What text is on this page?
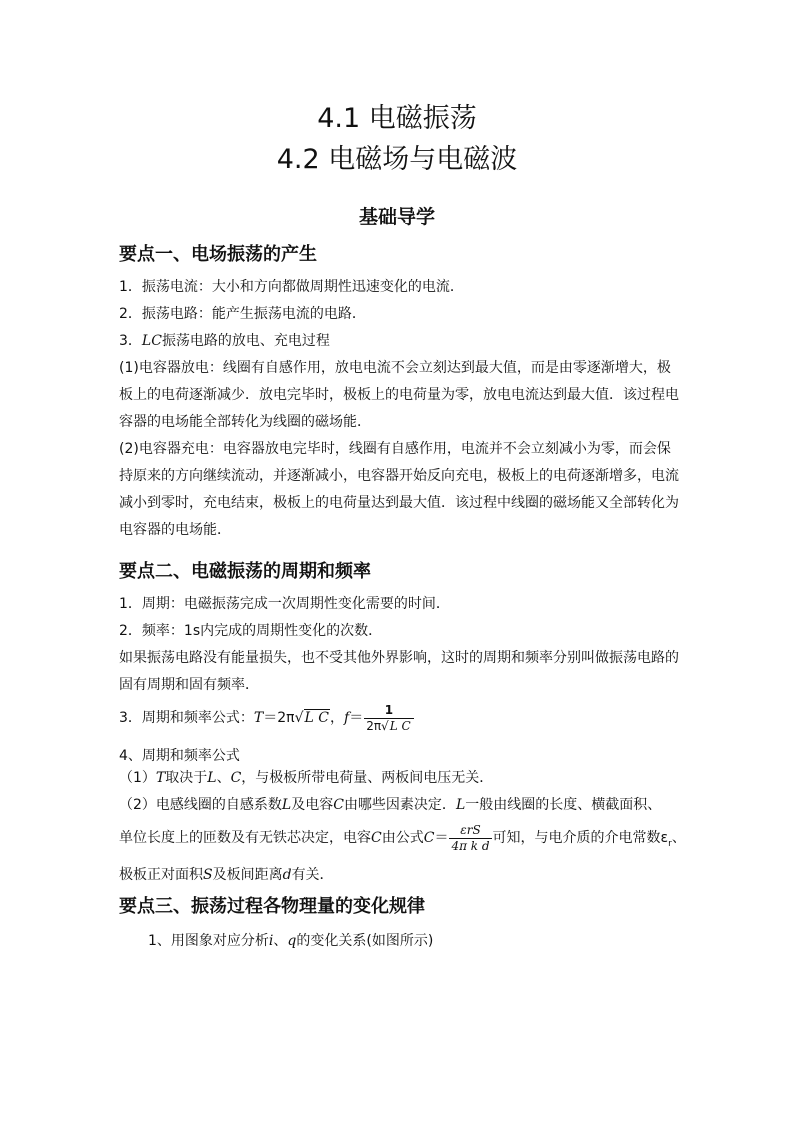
4.1 电磁振荡
4.2 电磁场与电磁波
基础导学
要点一、电场振荡的产生
1．振荡电流：大小和方向都做周期性迅速变化的电流．
2．振荡电路：能产生振荡电流的电路．
3．LC振荡电路的放电、充电过程
(1)电容器放电：线圈有自感作用，放电电流不会立刻达到最大值，而是由零逐渐增大，极
板上的电荷逐渐减少．放电完毕时，极板上的电荷量为零，放电电流达到最大值．该过程电
容器的电场能全部转化为线圈的磁场能．
(2)电容器充电：电容器放电完毕时，线圈有自感作用，电流并不会立刻减小为零，而会保
持原来的方向继续流动，并逐渐减小，电容器开始反向充电，极板上的电荷逐渐增多，电流
减小到零时，充电结束，极板上的电荷量达到最大值．该过程中线圈的磁场能又全部转化为
电容器的电场能．
要点二、电磁振荡的周期和频率
1．周期：电磁振荡完成一次周期性变化需要的时间．
2．频率：1s内完成的周期性变化的次数．
如果振荡电路没有能量损失，也不受其他外界影响，这时的周期和频率分别叫做振荡电路的
固有周期和固有频率．
3．周期和频率公式：T＝2π√L C，$f= \frac{1}{\text{2π√L C}}$
4、周期和频率公式
（1）T取决于L、C，与极板所带电荷量、两板间电压无关．
（2）电感线圈的自感系数L及电容C由哪些因素决定．L一般由线圈的长度、横截面积、
单位长度上的匝数及有无铁芯决定，电容C由公式$C= \frac{\text{εrS}}{\text{4π k d}}$ 可知，与电介质的介电常数$\varepsilon_r$、
极板正对面积S及板间距离d有关．
要点三、振荡过程各物理量的变化规律
1、用图象对应分析i、q的变化关系(如图所示)
